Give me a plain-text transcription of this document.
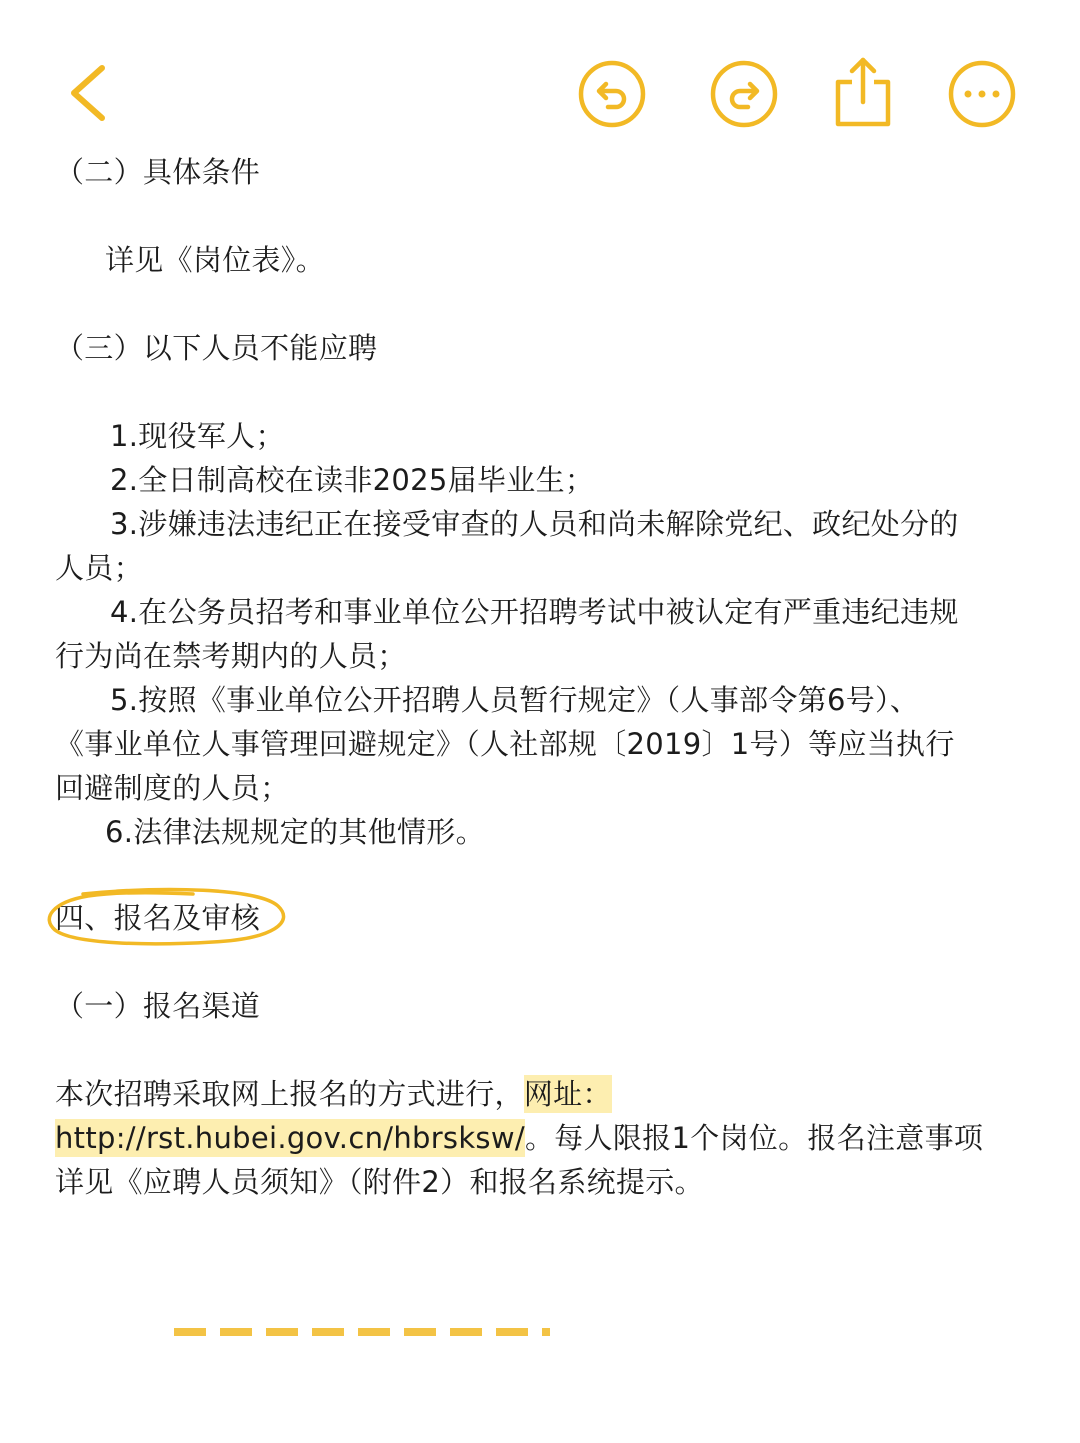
（二）具体条件
详见《岗位表》。
（三）以下人员不能应聘
1.现役军人；
2.全日制高校在读非2025届毕业生；
3.涉嫌违法违纪正在接受审查的人员和尚未解除党纪、政纪处分的
人员；
4.在公务员招考和事业单位公开招聘考试中被认定有严重违纪违规
行为尚在禁考期内的人员；
5.按照《事业单位公开招聘人员暂行规定》（人事部令第6号）、
《事业单位人事管理回避规定》（人社部规〔2019〕1号）等应当执行
回避制度的人员；
6.法律法规规定的其他情形。
四、报名及审核
（一）报名渠道
本次招聘采取网上报名的方式进行，网址：
http://rst.hubei.gov.cn/hbrsksw/。每人限报1个岗位。报名注意事项
详见《应聘人员须知》（附件2）和报名系统提示。
